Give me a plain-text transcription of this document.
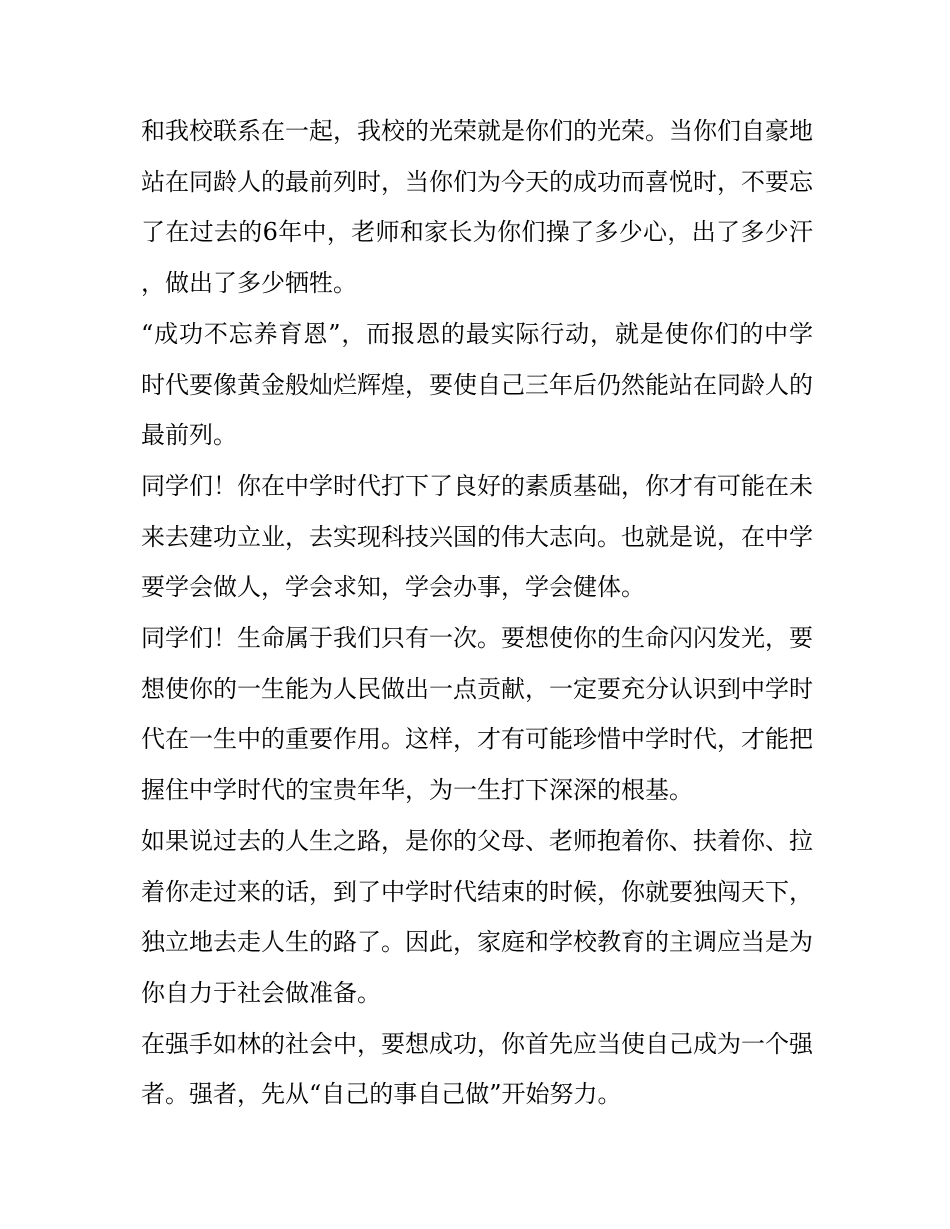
和我校联系在一起，我校的光荣就是你们的光荣。当你们自豪地站在同龄人的最前列时，当你们为今天的成功而喜悦时，不要忘了在过去的6年中，老师和家长为你们操了多少心，出了多少汗，做出了多少牺牲。

“成功不忘养育恩”，而报恩的最实际行动，就是使你们的中学时代要像黄金般灿烂辉煌，要使自己三年后仍然能站在同龄人的最前列。

同学们！你在中学时代打下了良好的素质基础，你才有可能在未来去建功立业，去实现科技兴国的伟大志向。也就是说，在中学要学会做人，学会求知，学会办事，学会健体。

同学们！生命属于我们只有一次。要想使你的生命闪闪发光，要想使你的一生能为人民做出一点贡献，一定要充分认识到中学时代在一生中的重要作用。这样，才有可能珍惜中学时代，才能把握住中学时代的宝贵年华，为一生打下深深的根基。

如果说过去的人生之路，是你的父母、老师抱着你、扶着你、拉着你走过来的话，到了中学时代结束的时候，你就要独闯天下，独立地去走人生的路了。因此，家庭和学校教育的主调应当是为你自力于社会做准备。

在强手如林的社会中，要想成功，你首先应当使自己成为一个强者。强者，先从“自己的事自己做”开始努力。
